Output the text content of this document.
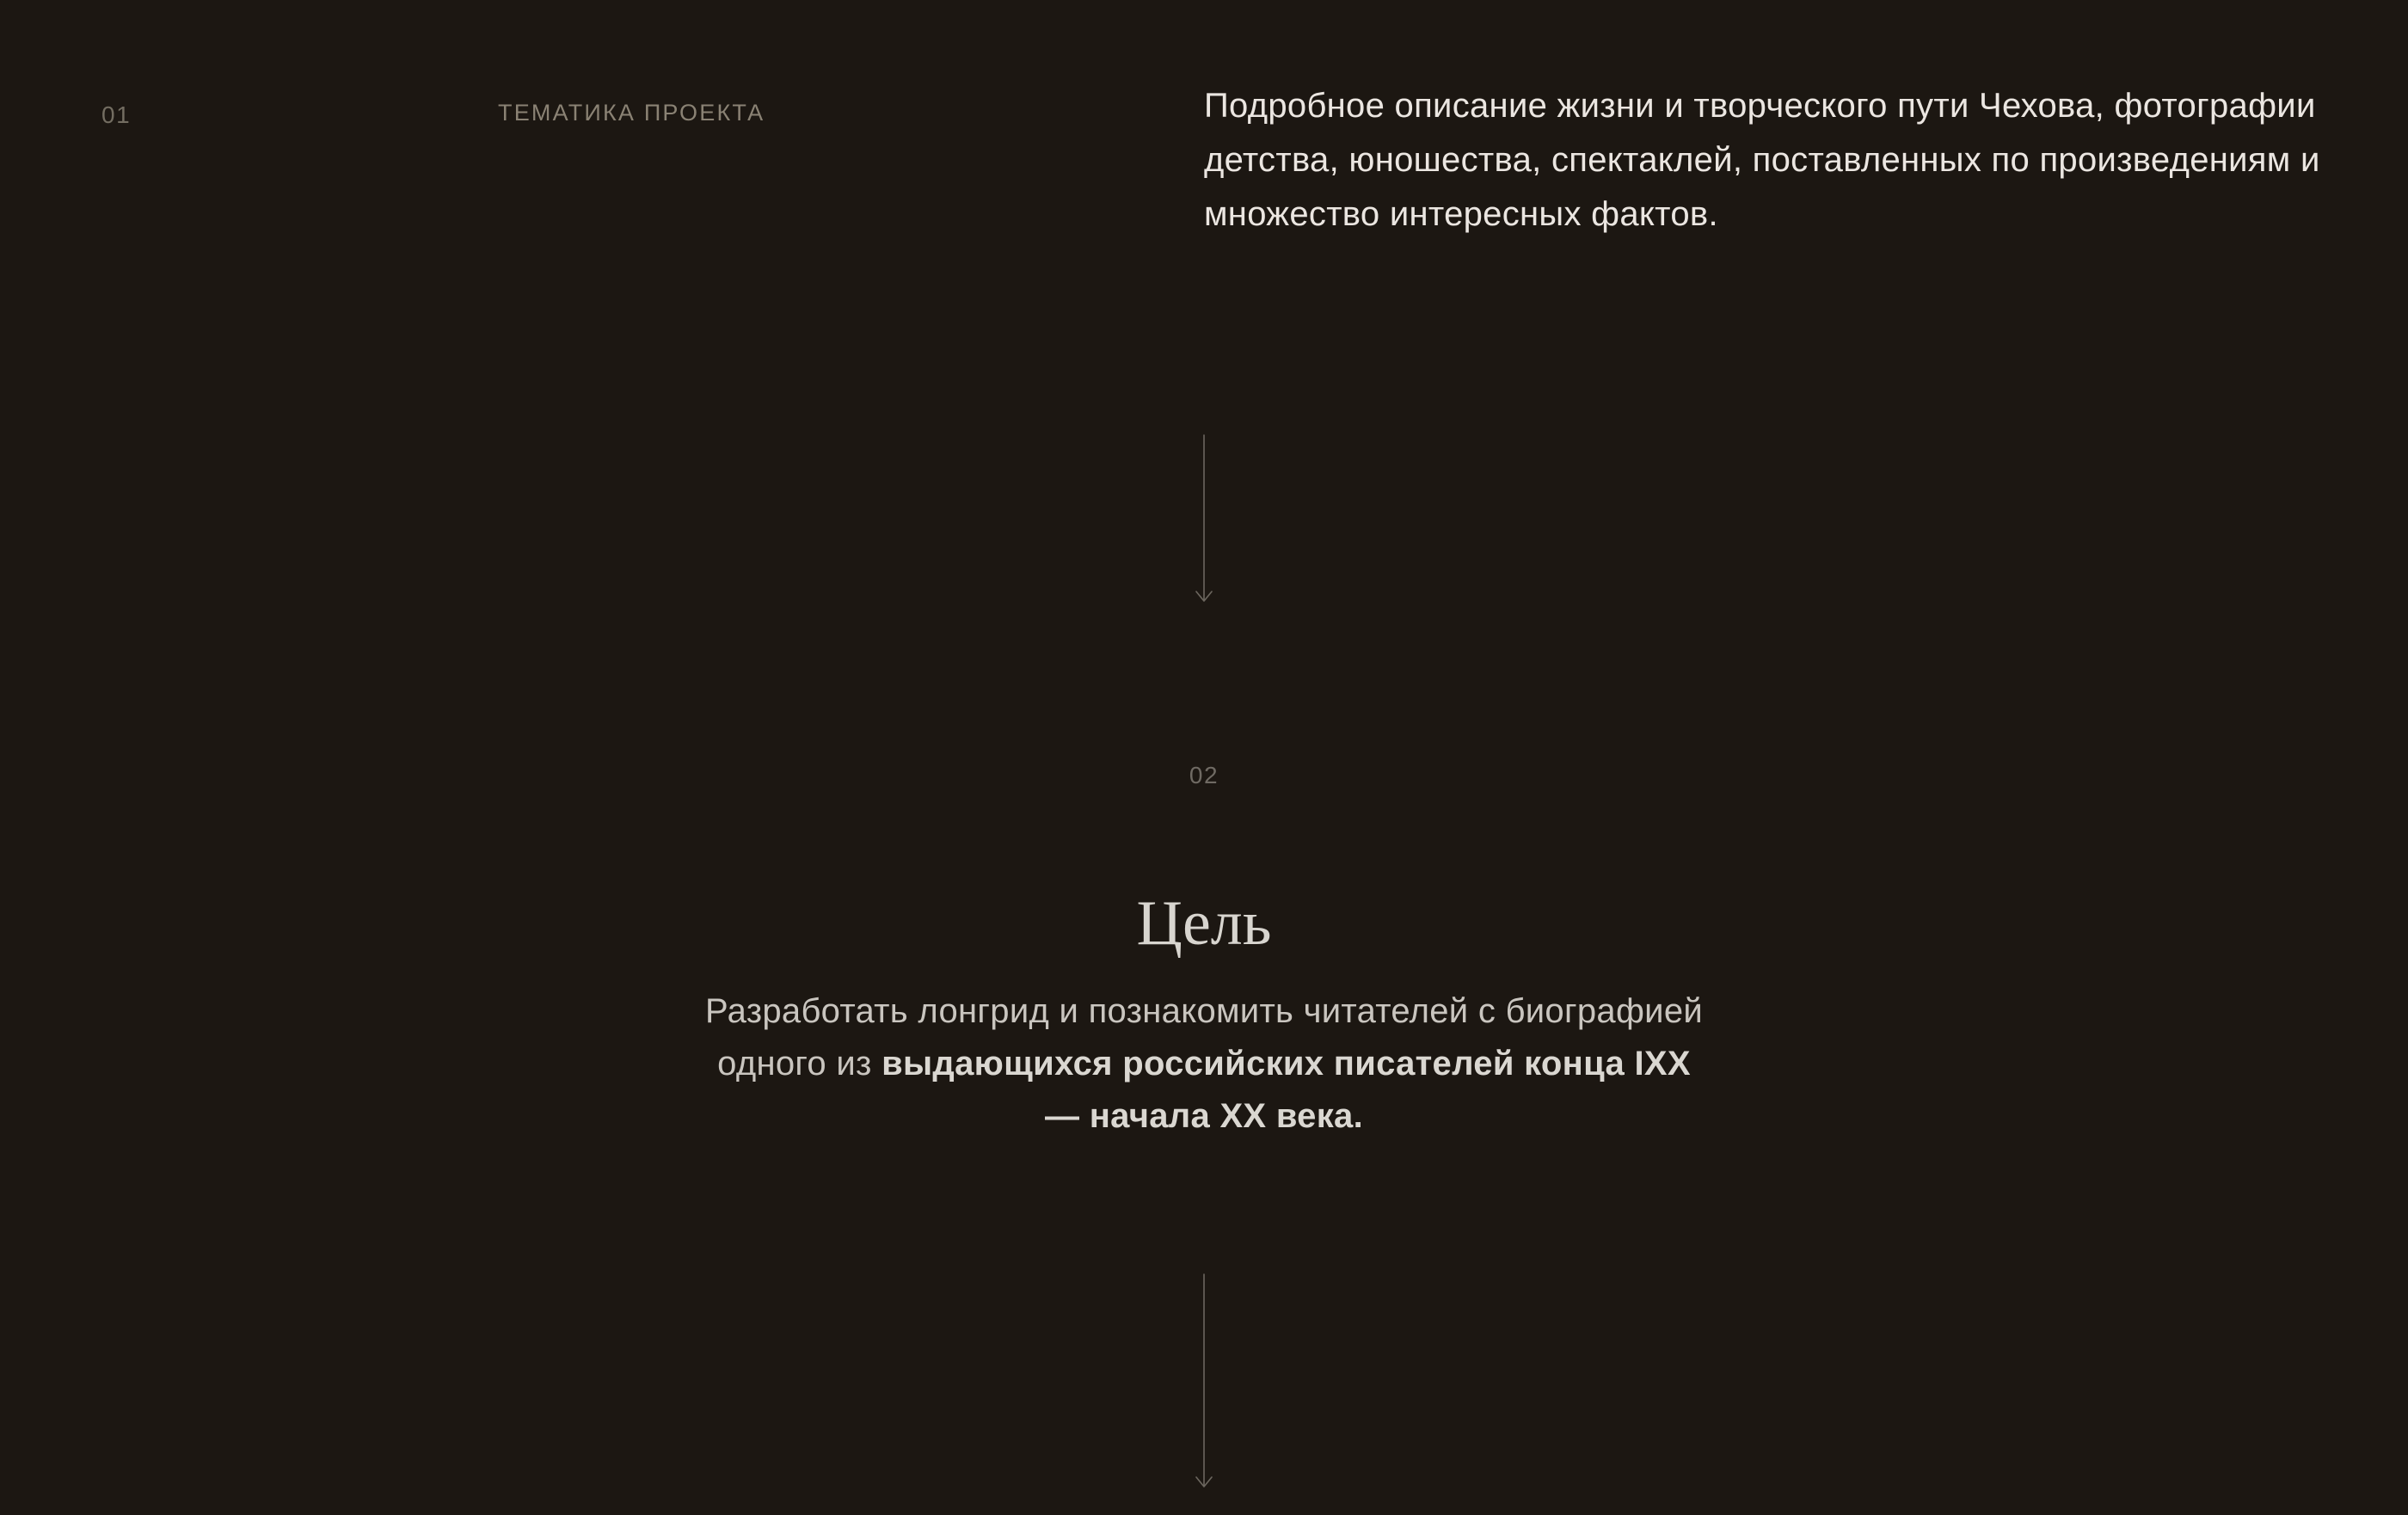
01	ТЕМАТИКА ПРОЕКТА	Подробное описание жизни и творческого пути Чехова, фотографии детства, юношества, спектаклей, поставленных по произведениям и множество интересных фактов.

02
Цель

Разработать лонгрид и познакомить читателей с биографией одного из выдающихся российских писателей конца IXX — начала XX века.
